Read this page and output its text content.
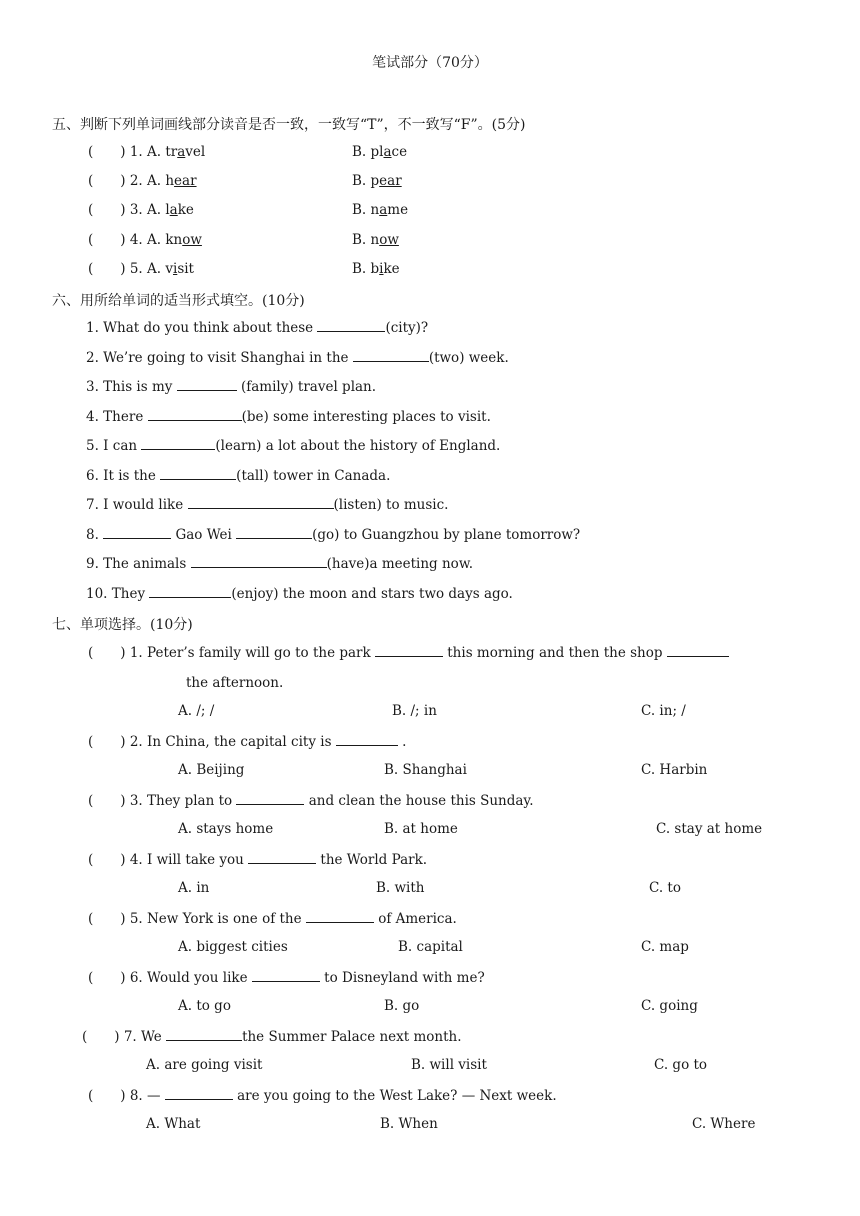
笔试部分（70分）
五、判断下列单词画线部分读音是否一致，一致写“T”，不一致写“F”。(5分)
(　　) 1. A. travel	B. place
(　　) 2. A. hear	B. pear
(　　) 3. A. lake	B. name
(　　) 4. A. know	B. now
(　　) 5. A. visit	B. bike
六、用所给单词的适当形式填空。(10分)
1. What do you think about these	(city)?
2. We’re going to visit Shanghai in the	(two) week.
3. This is my	(family) travel plan.
4. There	(be) some interesting places to visit.
5. I can	(learn) a lot about the history of England.
6. It is the	(tall) tower in Canada.
7. I would like	(listen) to music.
8.	Gao Wei	(go) to Guangzhou by plane tomorrow?
9. The animals	(have)a meeting now.
10. They	(enjoy) the moon and stars two days ago.
七、单项选择。(10分)
(　　) 1. Peter’s family will go to the park	this morning and then the shop
the afternoon.
A. /; /	B. /; in	C. in; /
(　　) 2. In China, the capital city is	.
A. Beijing	B. Shanghai	C. Harbin
(　　) 3. They plan to	and clean the house this Sunday.
A. stays home	B. at home	C. stay at home
(　　) 4. I will take you	the World Park.
A. in	B. with	C. to
(　　) 5. New York is one of the	of America.
A. biggest cities	B. capital	C. map
(　　) 6. Would you like	to Disneyland with me?
A. to go	B. go	C. going
(　　) 7. We	the Summer Palace next month.
A. are going visit	B. will visit	C. go to
(　　) 8. —	are you going to the West Lake? — Next week.
A. What	B. When	C. Where
